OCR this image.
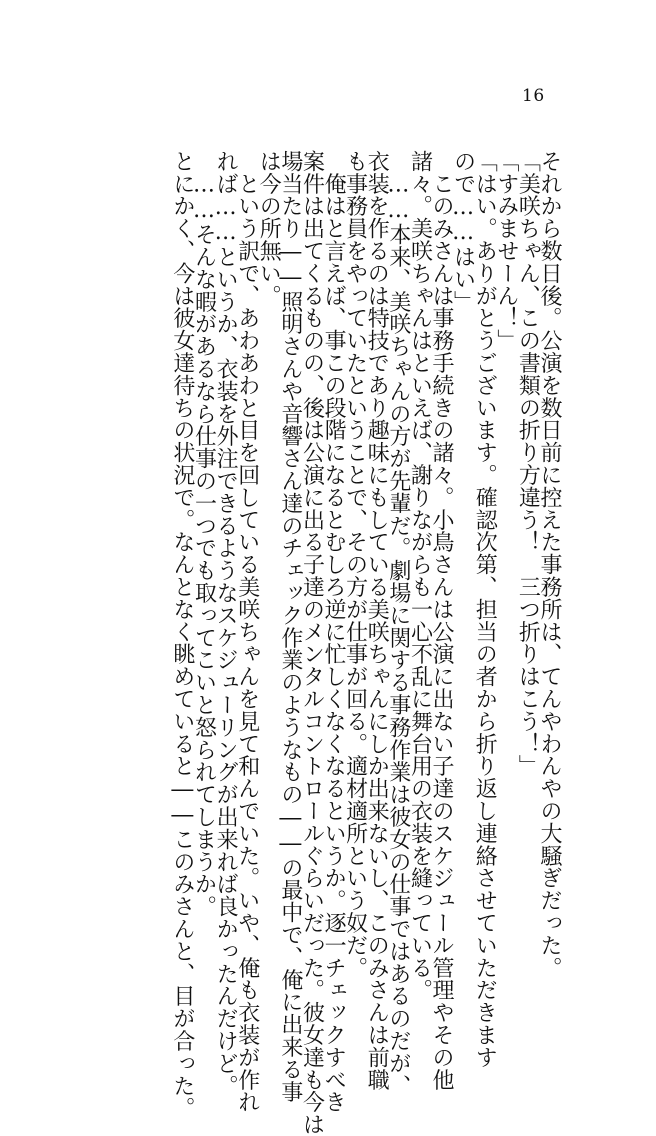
16
それから数日後。公演を数日前に控えた事務所は、てんやわんやの大騒ぎだった。
「美咲ちゃん、この書類の折り方違う！　三つ折りはこう！」
「すみませーん！」
「はい。ありがとうございます。確認次第、担当の者から折り返し連絡させていただきます
ので……はい」
　このみさんは事務手続きの諸々。小鳥さんは公演に出ない子達のスケジュール管理やその他
諸々。美咲ちゃんはといえば、謝りながらも一心不乱に舞台用の衣装を縫っている。
　……本来、美咲ちゃんの方が先輩だ。劇場に関する事務作業は彼女の仕事ではあるのだが、
衣装を作るのは特技であり趣味にもしている美咲ちゃんにしか出来ないし、このみさんは前職
も事務員をやっていたということで、その方が仕事が回る。適材適所という奴だ。
　俺はと言えば、事この段階になるとむしろ逆に忙しくなくなるというか。逐一チェックすべき
案件は出てくるものの、後は公演に出る子達のメンタルコントロールぐらいだった。彼女達も今は
場当たり――照明さんや音響さん達のチェック作業のようなもの――の最中で、俺に出来る事
は今の所無い。
　という訳で、あわあわと目を回している美咲ちゃんを見て和んでいた。いや、俺も衣装が作れ
れば……というか、衣装を外注できるようなスケジューリングが出来れば良かったんだけど。
　……そんな暇があるなら仕事の一つでも取ってこいと怒られてしまうか。
とにかく、今は彼女達待ちの状況で。なんとなく眺めていると――このみさんと、目が合った。
